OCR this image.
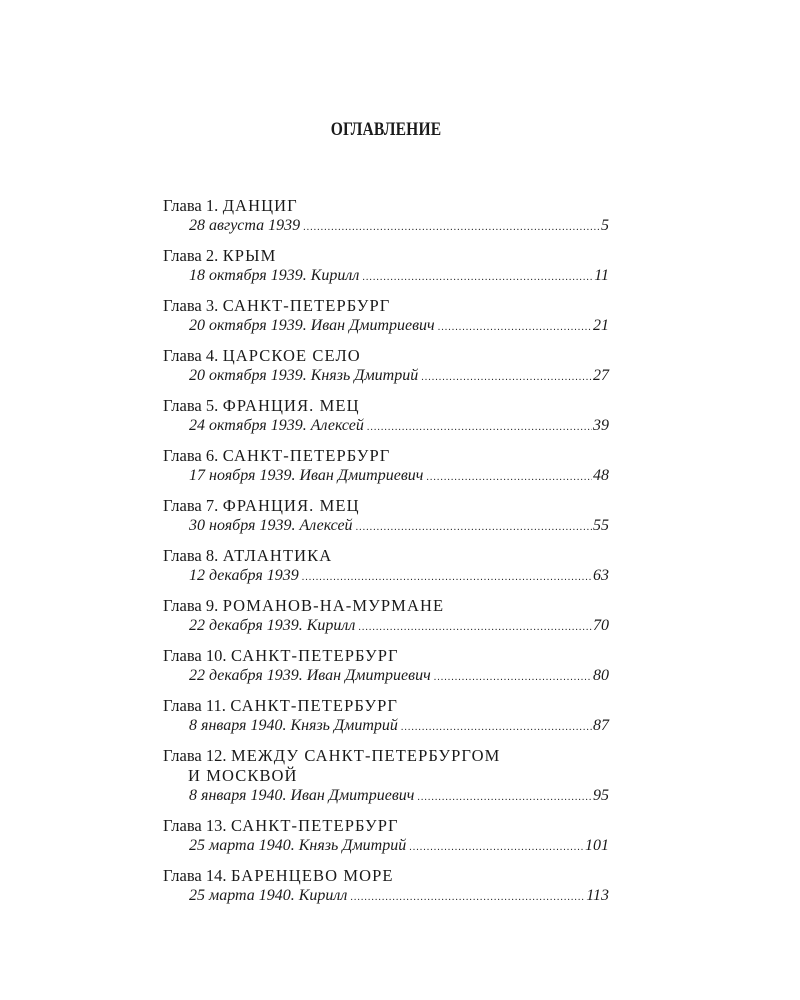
ОГЛАВЛЕНИЕ
Глава 1. ДАНЦИГ
28 августа 1939 .....	5
Глава 2. КРЫМ
18 октября 1939. Кирилл .....	11
Глава 3. САНКТ-ПЕТЕРБУРГ
20 октября 1939. Иван Дмитриевич .....	21
Глава 4. ЦАРСКОЕ СЕЛО
20 октября 1939. Князь Дмитрий .....	27
Глава 5. ФРАНЦИЯ. МЕЦ
24 октября 1939. Алексей .....	39
Глава 6. САНКТ-ПЕТЕРБУРГ
17 ноября 1939. Иван Дмитриевич .....	48
Глава 7. ФРАНЦИЯ. МЕЦ
30 ноября 1939. Алексей .....	55
Глава 8. АТЛАНТИКА
12 декабря 1939 .....	63
Глава 9. РОМАНОВ-НА-МУРМАНЕ
22 декабря 1939. Кирилл .....	70
Глава 10. САНКТ-ПЕТЕРБУРГ
22 декабря 1939. Иван Дмитриевич .....	80
Глава 11. САНКТ-ПЕТЕРБУРГ
8 января 1940. Князь Дмитрий .....	87
Глава 12. МЕЖДУ САНКТ-ПЕТЕРБУРГОМ
И МОСКВОЙ
8 января 1940. Иван Дмитриевич .....	95
Глава 13. САНКТ-ПЕТЕРБУРГ
25 марта 1940. Князь Дмитрий .....	101
Глава 14. БАРЕНЦЕВО МОРЕ
25 марта 1940. Кирилл .....	113
